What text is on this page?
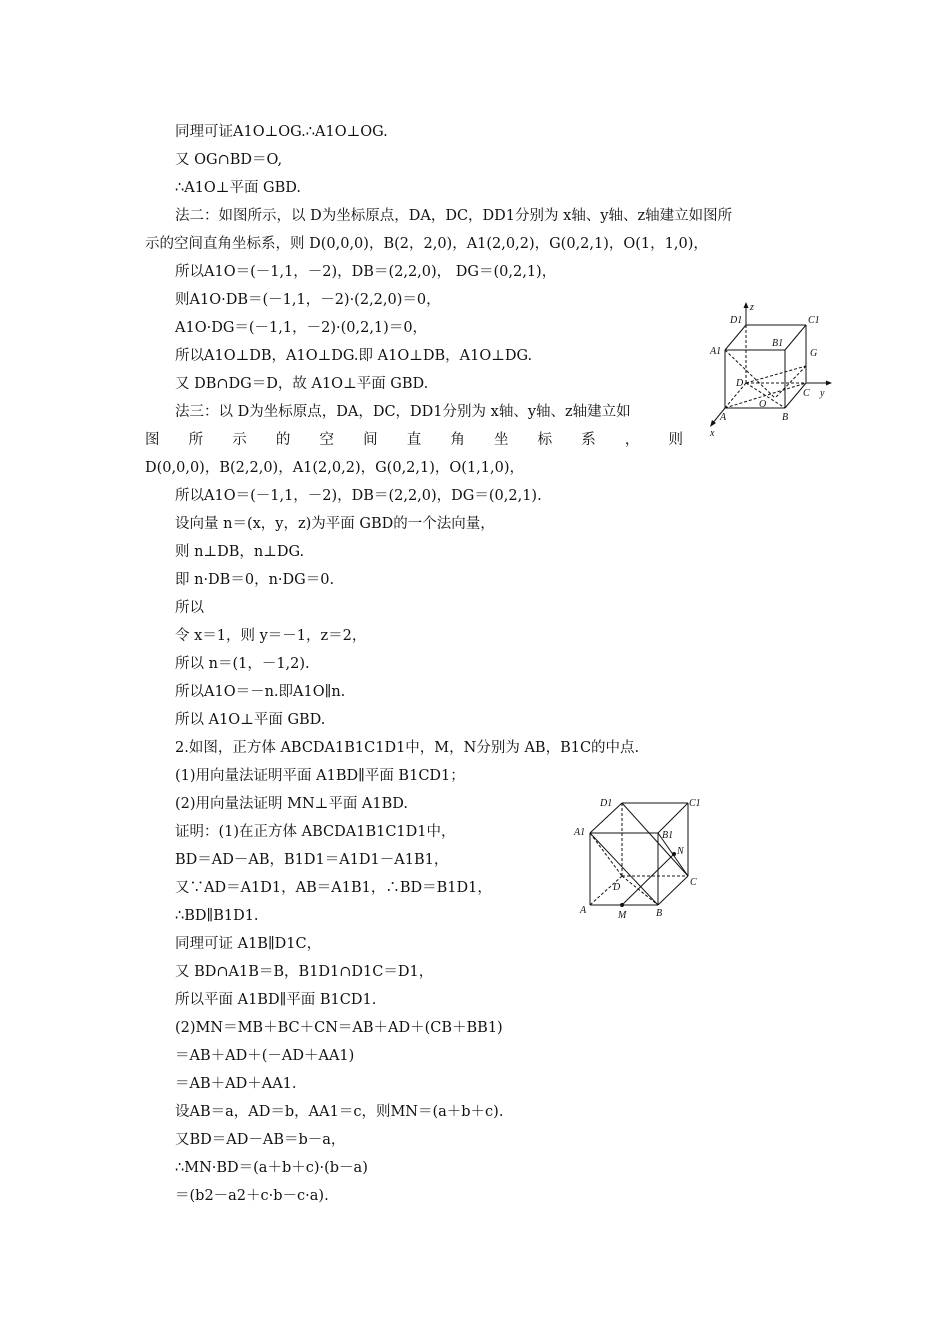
同理可证A1O⊥OG.∴A1O⊥OG.
又 OG∩BD＝O,
∴A1O⊥平面 GBD.
法二：如图所示，以 D为坐标原点，DA，DC，DD1分别为 x轴、y轴、z轴建立如图所
示的空间直角坐标系，则 D(0,0,0)，B(2，2,0)，A1(2,0,2)，G(0,2,1)，O(1，1,0)，
所以A1O＝(－1,1，－2)，DB＝(2,2,0)， DG＝(0,2,1)，
则A1O·DB＝(－1,1，－2)·(2,2,0)＝0，
A1O·DG＝(－1,1，－2)·(0,2,1)＝0，
所以A1O⊥DB，A1O⊥DG.即 A1O⊥DB，A1O⊥DG.
又 DB∩DG＝D，故 A1O⊥平面 GBD.
法三：以 D为坐标原点，DA，DC，DD1分别为 x轴、y轴、z轴建立如
图 所 示 的 空 间 直 角 坐 标 系 ， 则
D(0,0,0)，B(2,2,0)，A1(2,0,2)，G(0,2,1)，O(1,1,0)，
所以A1O＝(－1,1，－2)，DB＝(2,2,0)，DG＝(0,2,1).
设向量 n＝(x，y，z)为平面 GBD的一个法向量，
则 n⊥DB，n⊥DG.
即 n·DB＝0，n·DG＝0.
所以
令 x＝1，则 y＝－1，z＝2，
所以 n＝(1，－1,2).
所以A1O＝－n.即A1O∥n.
所以 A1O⊥平面 GBD.
2.如图，正方体 ABCDA1B1C1D1中，M，N分别为 AB，B1C的中点.
(1)用向量法证明平面 A1BD∥平面 B1CD1；
(2)用向量法证明 MN⊥平面 A1BD.
证明：(1)在正方体 ABCDA1B1C1D1中，
BD＝AD－AB，B1D1＝A1D1－A1B1，
又∵AD＝A1D1，AB＝A1B1，∴BD＝B1D1，
∴BD∥B1D1.
同理可证 A1B∥D1C，
又 BD∩A1B＝B，B1D1∩D1C＝D1，
所以平面 A1BD∥平面 B1CD1.
(2)MN＝MB＋BC＋CN＝AB＋AD＋(CB＋BB1)
＝AB＋AD＋(－AD＋AA1)
＝AB＋AD＋AA1.
设AB＝a，AD＝b，AA1＝c，则MN＝(a＋b＋c).
又BD＝AD－AB＝b－a，
∴MN·BD＝(a＋b＋c)·(b－a)
＝(b2－a2＋c·b－c·a).
z
D1	C1
A1
B1
G
D
O
C y
A	B
x
D1	C1
A1	B1
N
D	C
A	M	B
